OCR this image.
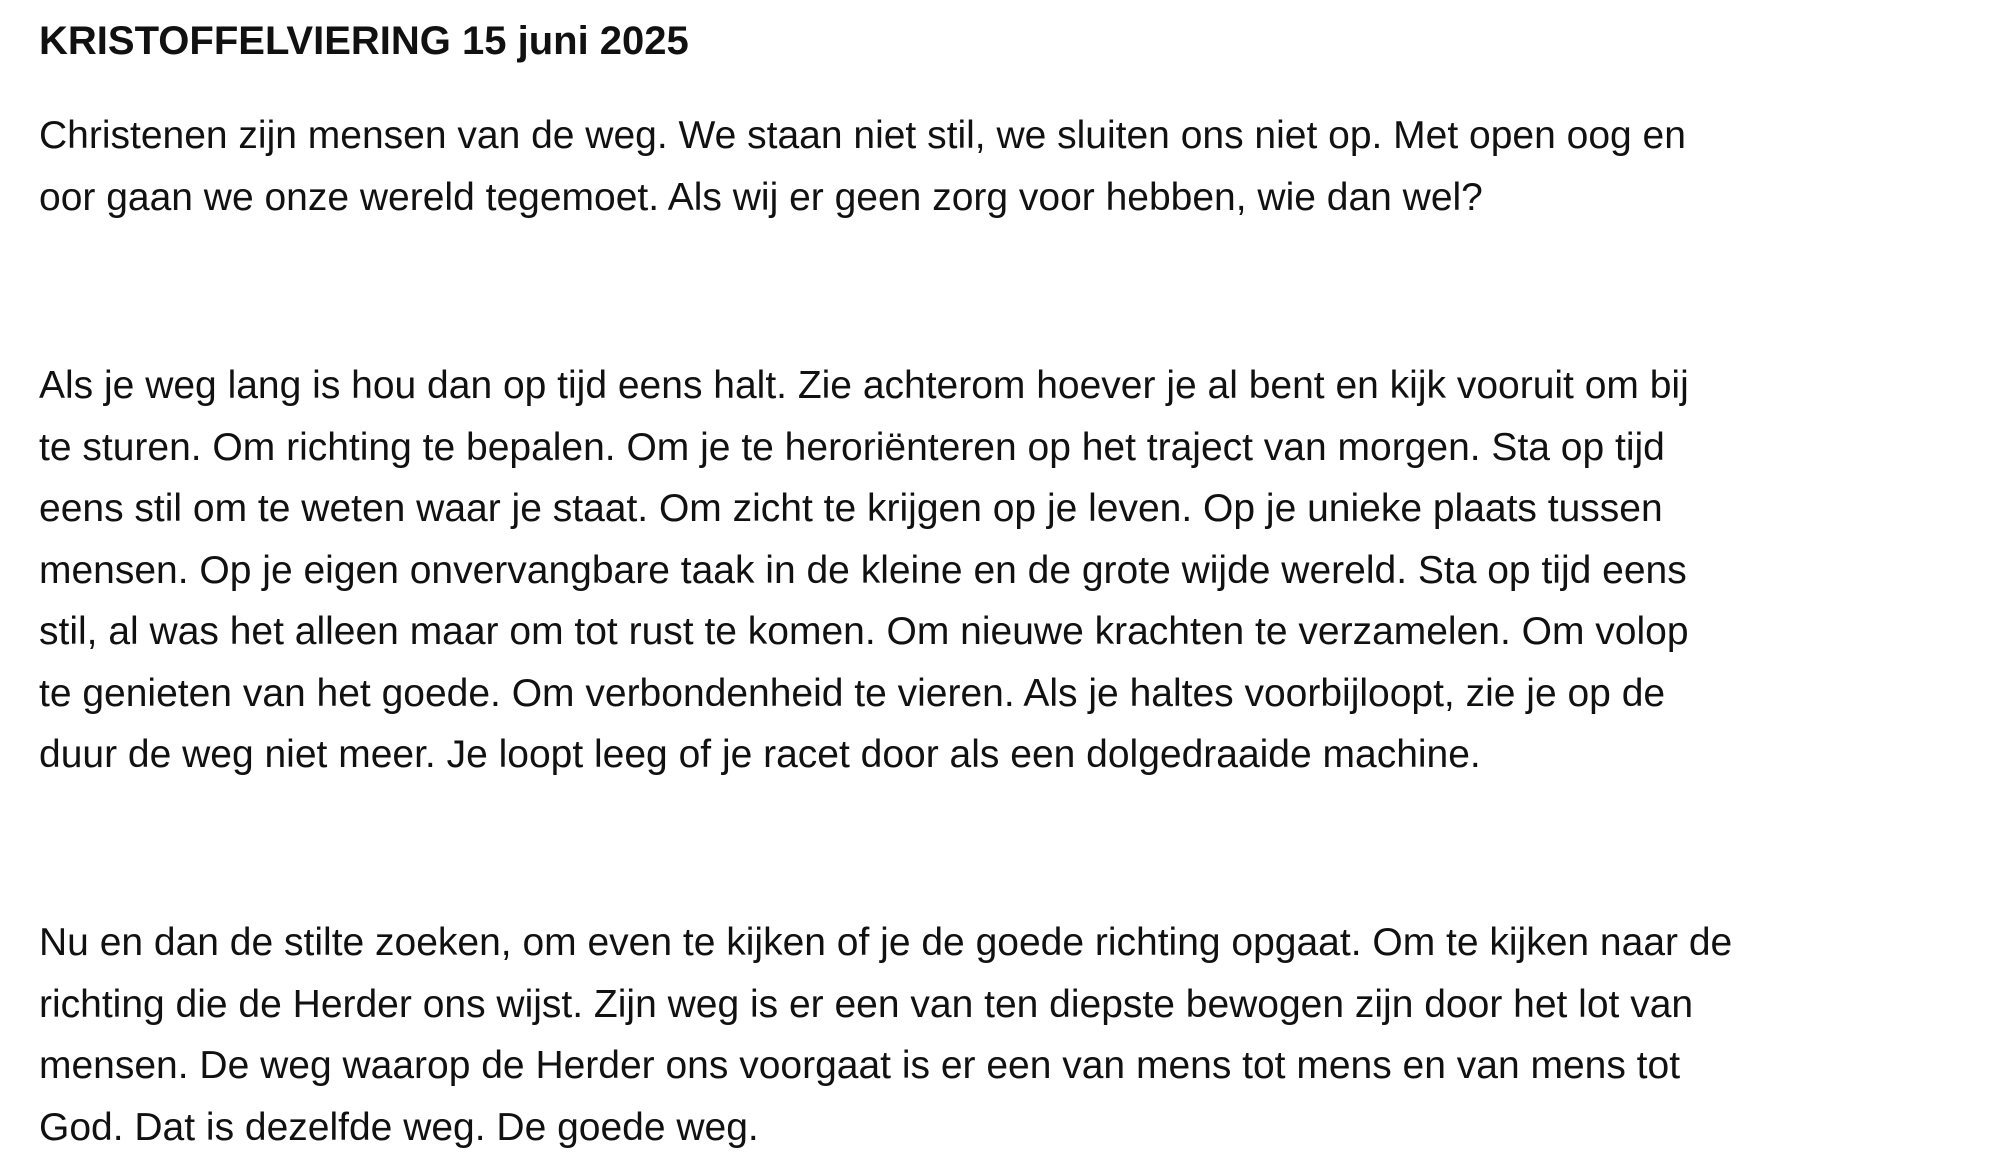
KRISTOFFELVIERING 15 juni 2025

Christenen zijn mensen van de weg. We staan niet stil, we sluiten ons niet op. Met open oog en
oor gaan we onze wereld tegemoet. Als wij er geen zorg voor hebben, wie dan wel?

Als je weg lang is hou dan op tijd eens halt. Zie achterom hoever je al bent en kijk vooruit om bij
te sturen. Om richting te bepalen. Om je te heroriënteren op het traject van morgen. Sta op tijd
eens stil om te weten waar je staat. Om zicht te krijgen op je leven. Op je unieke plaats tussen
mensen. Op je eigen onvervangbare taak in de kleine en de grote wijde wereld. Sta op tijd eens
stil, al was het alleen maar om tot rust te komen. Om nieuwe krachten te verzamelen. Om volop
te genieten van het goede. Om verbondenheid te vieren. Als je haltes voorbijloopt, zie je op de
duur de weg niet meer. Je loopt leeg of je racet door als een dolgedraaide machine.

Nu en dan de stilte zoeken, om even te kijken of je de goede richting opgaat. Om te kijken naar de
richting die de Herder ons wijst. Zijn weg is er een van ten diepste bewogen zijn door het lot van
mensen. De weg waarop de Herder ons voorgaat is er een van mens tot mens en van mens tot
God. Dat is dezelfde weg. De goede weg.
